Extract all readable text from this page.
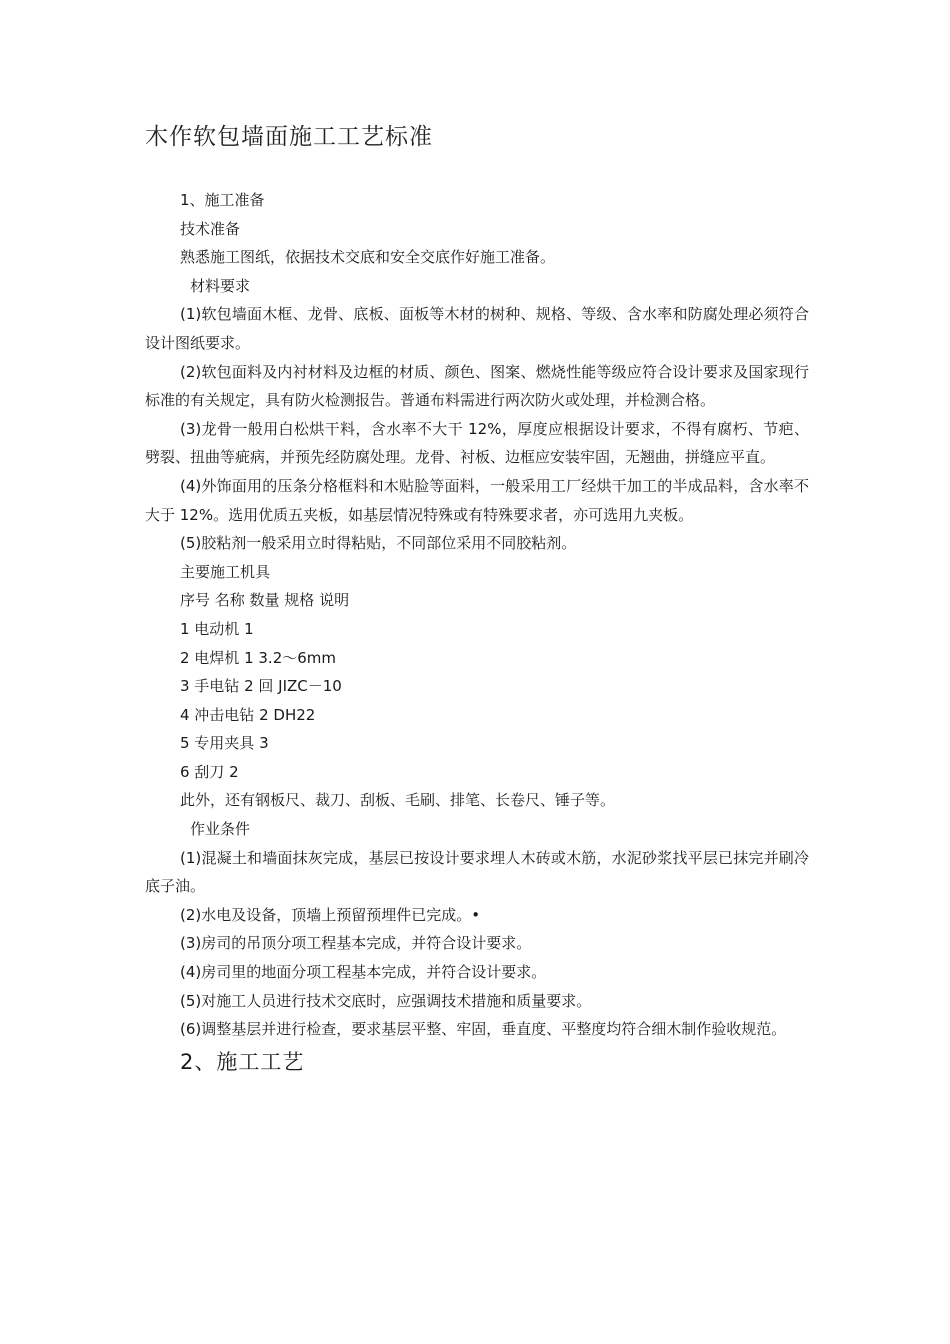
木作软包墙面施工工艺标准

1、施工准备

技术准备

熟悉施工图纸，依据技术交底和安全交底作好施工准备。

材料要求

(1)软包墙面木框、龙骨、底板、面板等木材的树种、规格、等级、含水率和防腐处理必须符合设计图纸要求。

(2)软包面料及内衬材料及边框的材质、颜色、图案、燃烧性能等级应符合设计要求及国家现行标准的有关规定，具有防火检测报告。普通布料需进行两次防火或处理，并检测合格。

(3)龙骨一般用白松烘干料，含水率不大干 12%，厚度应根据设计要求，不得有腐朽、节疤、劈裂、扭曲等疵病，并预先经防腐处理。龙骨、衬板、边框应安装牢固，无翘曲，拼缝应平直。

(4)外饰面用的压条分格框料和木贴脸等面料，一般采用工厂经烘干加工的半成品料，含水率不大于 12%。选用优质五夹板，如基层情况特殊或有特殊要求者，亦可选用九夹板。

(5)胶粘剂一般采用立时得粘贴，不同部位采用不同胶粘剂。

主要施工机具

序号 名称 数量 规格 说明

1 电动机 1

2 电焊机 1 3.2～6mm

3 手电钻 2 回 JIZC－10

4 冲击电钻 2 DH22

5 专用夹具 3

6 刮刀 2

此外，还有钢板尺、裁刀、刮板、毛刷、排笔、长卷尺、锤子等。

作业条件

(1)混凝土和墙面抹灰完成，基层已按设计要求埋人木砖或木筋，水泥砂浆找平层已抹完并刷冷底子油。

(2)水电及设备，顶墙上预留预埋件已完成。•

(3)房司的吊顶分项工程基本完成，并符合设计要求。

(4)房司里的地面分项工程基本完成，并符合设计要求。

(5)对施工人员进行技术交底时，应强调技术措施和质量要求。

(6)调整基层并进行检查，要求基层平整、牢固，垂直度、平整度均符合细木制作验收规范。

2、施工工艺
